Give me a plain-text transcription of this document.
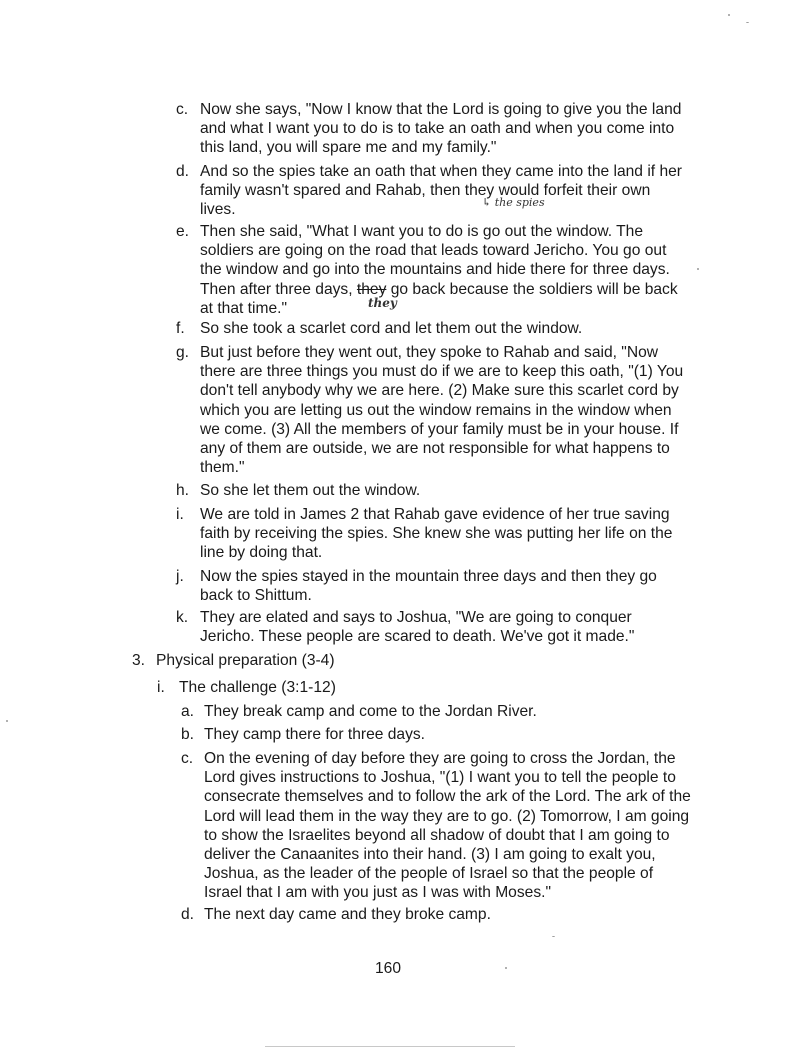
c. Now she says, "Now I know that the Lord is going to give you the land
and what I want you to do is to take an oath and when you come into
this land, you will spare me and my family."
d. And so the spies take an oath that when they came into the land if her
family wasn't spared and Rahab, then they would forfeit their own
lives.	↳ the spies
e. Then she said, "What I want you to do is go out the window. The
soldiers are going on the road that leads toward Jericho. You go out
the window and go into the mountains and hide there for three days.
Then after three days, they go back because the soldiers will be back
at that time."	they
f. So she took a scarlet cord and let them out the window.
g. But just before they went out, they spoke to Rahab and said, "Now
there are three things you must do if we are to keep this oath, "(1) You
don't tell anybody why we are here. (2) Make sure this scarlet cord by
which you are letting us out the window remains in the window when
we come. (3) All the members of your family must be in your house. If
any of them are outside, we are not responsible for what happens to
them."
h. So she let them out the window.
i. We are told in James 2 that Rahab gave evidence of her true saving
faith by receiving the spies. She knew she was putting her life on the
line by doing that.
j. Now the spies stayed in the mountain three days and then they go
back to Shittum.
k. They are elated and says to Joshua, "We are going to conquer
Jericho. These people are scared to death. We've got it made."
3. Physical preparation (3-4)
i. The challenge (3:1-12)
a. They break camp and come to the Jordan River.
b. They camp there for three days.
c. On the evening of day before they are going to cross the Jordan, the
Lord gives instructions to Joshua, "(1) I want you to tell the people to
consecrate themselves and to follow the ark of the Lord. The ark of the
Lord will lead them in the way they are to go. (2) Tomorrow, I am going
to show the Israelites beyond all shadow of doubt that I am going to
deliver the Canaanites into their hand. (3) I am going to exalt you,
Joshua, as the leader of the people of Israel so that the people of
Israel that I am with you just as I was with Moses."
d. The next day came and they broke camp.
160
